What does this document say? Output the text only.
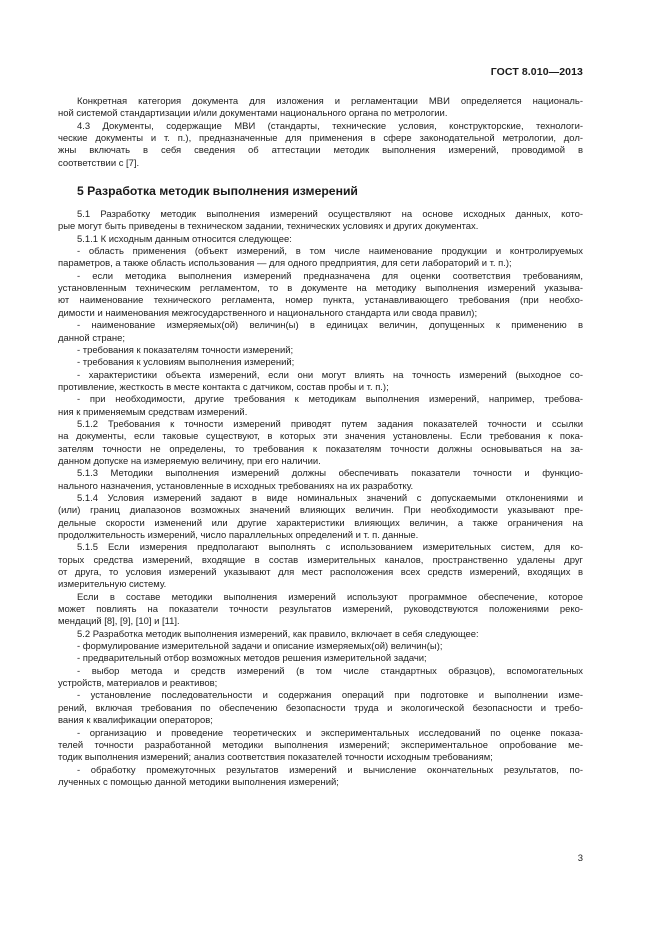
ГОСТ 8.010—2013

Конкретная категория документа для изложения и регламентации МВИ определяется националь-
ной системой стандартизации и/или документами национального органа по метрологии.

4.3 Документы, содержащие МВИ (стандарты, технические условия, конструкторские, технологи-
ческие документы и т. п.), предназначенные для применения в сфере законодательной метрологии, дол-
жны включать в себя сведения об аттестации методик выполнения измерений, проводимой в
соответствии с [7].

5 Разработка методик выполнения измерений

5.1 Разработку методик выполнения измерений осуществляют на основе исходных данных, кото-
рые могут быть приведены в техническом задании, технических условиях и других документах.

5.1.1 К исходным данным относится следующее:

- область применения (объект измерений, в том числе наименование продукции и контролируемых
параметров, а также область использования — для одного предприятия, для сети лабораторий и т. п.);

- если методика выполнения измерений предназначена для оценки соответствия требованиям,
установленным техническим регламентом, то в документе на методику выполнения измерений указыва-
ют наименование технического регламента, номер пункта, устанавливающего требования (при необхо-
димости и наименования межгосударственного и национального стандарта или свода правил);

- наименование измеряемых(ой) величин(ы) в единицах величин, допущенных к применению в
данной стране;

- требования к показателям точности измерений;

- требования к условиям выполнения измерений;

- характеристики объекта измерений, если они могут влиять на точность измерений (выходное со-
противление, жесткость в месте контакта с датчиком, состав пробы и т. п.);

- при необходимости, другие требования к методикам выполнения измерений, например, требова-
ния к применяемым средствам измерений.

5.1.2 Требования к точности измерений приводят путем задания показателей точности и ссылки
на документы, если таковые существуют, в которых эти значения установлены. Если требования к пока-
зателям точности не определены, то требования к показателям точности должны основываться на за-
данном допуске на измеряемую величину, при его наличии.

5.1.3 Методики выполнения измерений должны обеспечивать показатели точности и функцио-
нального назначения, установленные в исходных требованиях на их разработку.

5.1.4 Условия измерений задают в виде номинальных значений с допускаемыми отклонениями и
(или) границ диапазонов возможных значений влияющих величин. При необходимости указывают пре-
дельные скорости изменений или другие характеристики влияющих величин, а также ограничения на
продолжительность измерений, число параллельных определений и т. п. данные.

5.1.5 Если измерения предполагают выполнять с использованием измерительных систем, для ко-
торых средства измерений, входящие в состав измерительных каналов, пространственно удалены друг
от друга, то условия измерений указывают для мест расположения всех средств измерений, входящих в
измерительную систему.

Если в составе методики выполнения измерений используют программное обеспечение, которое
может повлиять на показатели точности результатов измерений, руководствуются положениями реко-
мендаций [8], [9], [10] и [11].

5.2 Разработка методик выполнения измерений, как правило, включает в себя следующее:

- формулирование измерительной задачи и описание измеряемых(ой) величин(ы);

- предварительный отбор возможных методов решения измерительной задачи;

- выбор метода и средств измерений (в том числе стандартных образцов), вспомогательных
устройств, материалов и реактивов;

- установление последовательности и содержания операций при подготовке и выполнении изме-
рений, включая требования по обеспечению безопасности труда и экологической безопасности и требо-
вания к квалификации операторов;

- организацию и проведение теоретических и экспериментальных исследований по оценке показа-
телей точности разработанной методики выполнения измерений; экспериментальное опробование ме-
тодик выполнения измерений; анализ соответствия показателей точности исходным требованиям;

- обработку промежуточных результатов измерений и вычисление окончательных результатов, по-
лученных с помощью данной методики выполнения измерений;

3
